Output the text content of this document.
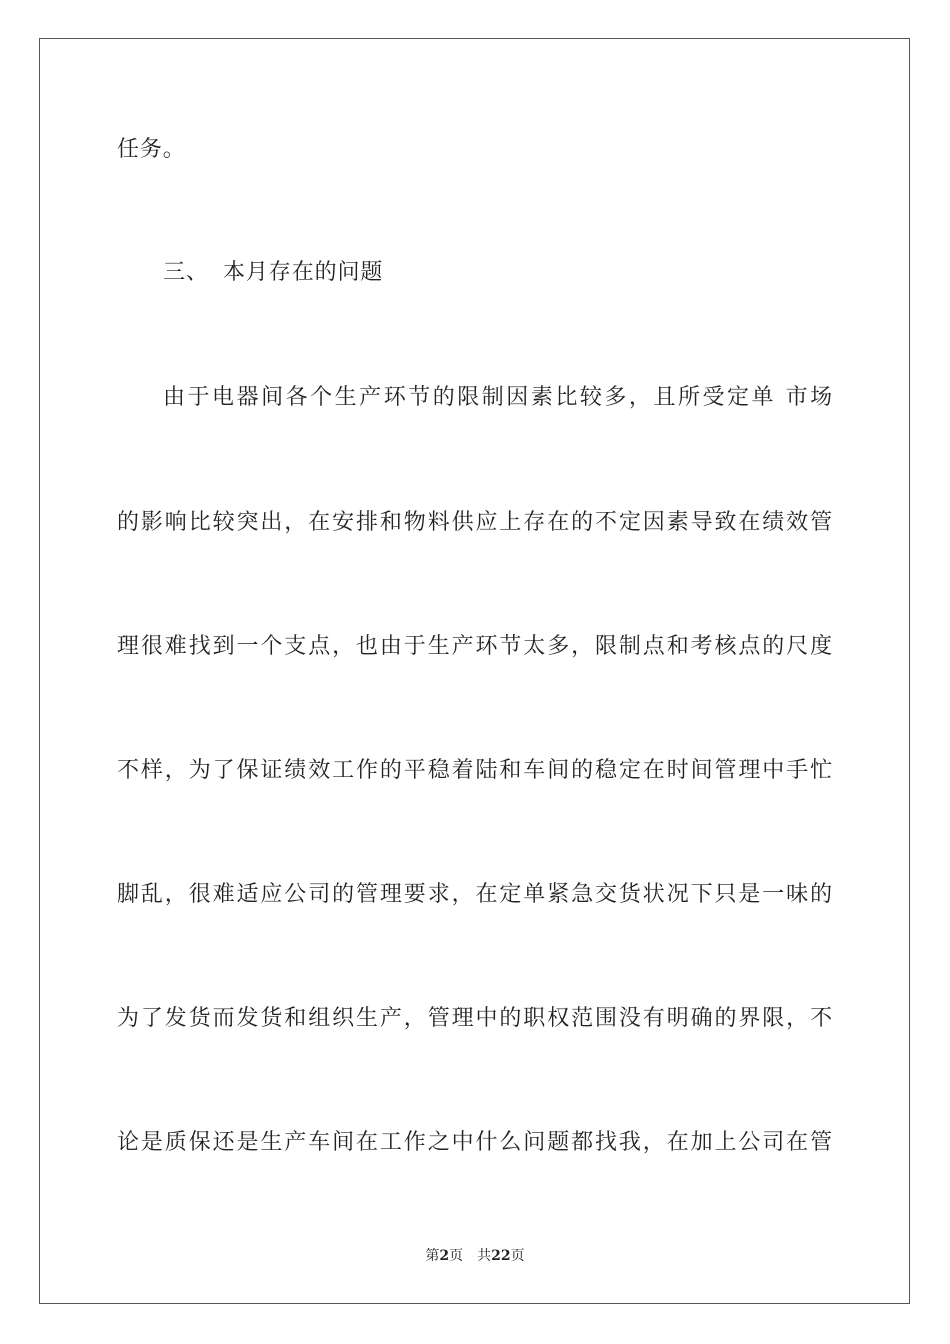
任务。
三、 本月存在的问题
由于电器间各个生产环节的限制因素比较多，且所受定单 市场
的影响比较突出，在安排和物料供应上存在的不定因素导致在绩效管
理很难找到一个支点，也由于生产环节太多，限制点和考核点的尺度
不样，为了保证绩效工作的平稳着陆和车间的稳定在时间管理中手忙
脚乱，很难适应公司的管理要求，在定单紧急交货状况下只是一味的
为了发货而发货和组织生产，管理中的职权范围没有明确的界限，不
论是质保还是生产车间在工作之中什么问题都找我，在加上公司在管
第2页 共22页
